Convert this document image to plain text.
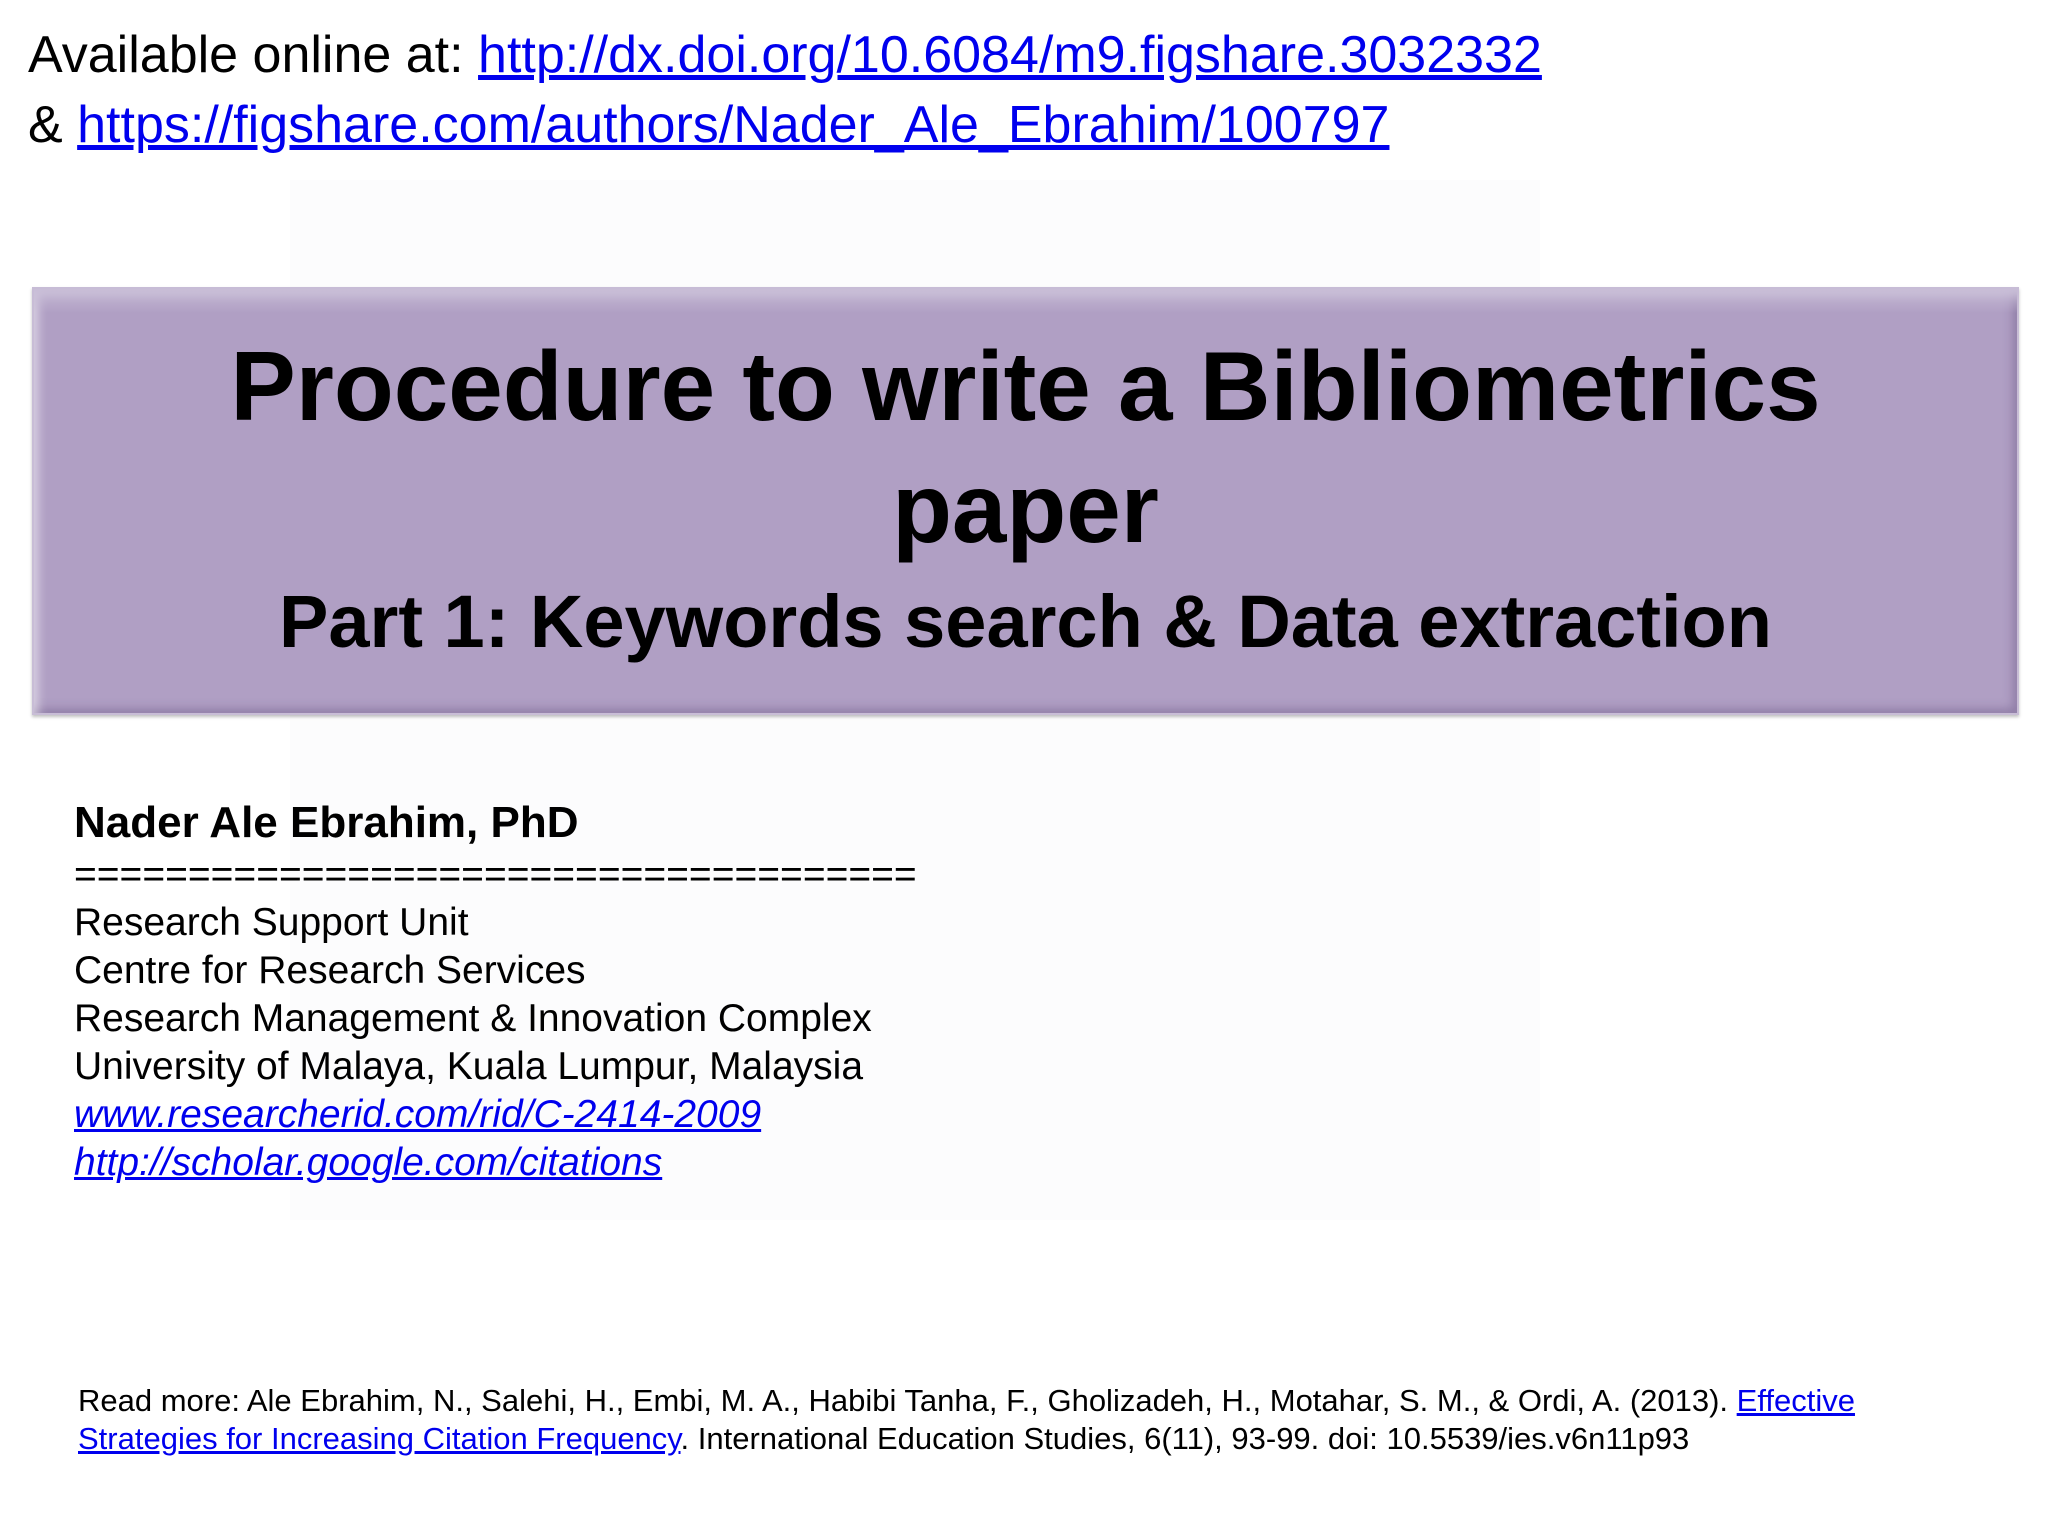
Available online at: http://dx.doi.org/10.6084/m9.figshare.3032332
& https://figshare.com/authors/Nader_Ale_Ebrahim/100797
Procedure to write a Bibliometrics
paper
Part 1: Keywords search & Data extraction
Nader Ale Ebrahim, PhD
=====================================
Research Support Unit
Centre for Research Services
Research Management & Innovation Complex
University of Malaya, Kuala Lumpur, Malaysia
www.researcherid.com/rid/C-2414-2009
http://scholar.google.com/citations
Read more: Ale Ebrahim, N., Salehi, H., Embi, M. A., Habibi Tanha, F., Gholizadeh, H., Motahar, S. M., & Ordi, A. (2013). Effective
Strategies for Increasing Citation Frequency. International Education Studies, 6(11), 93-99. doi: 10.5539/ies.v6n11p93
